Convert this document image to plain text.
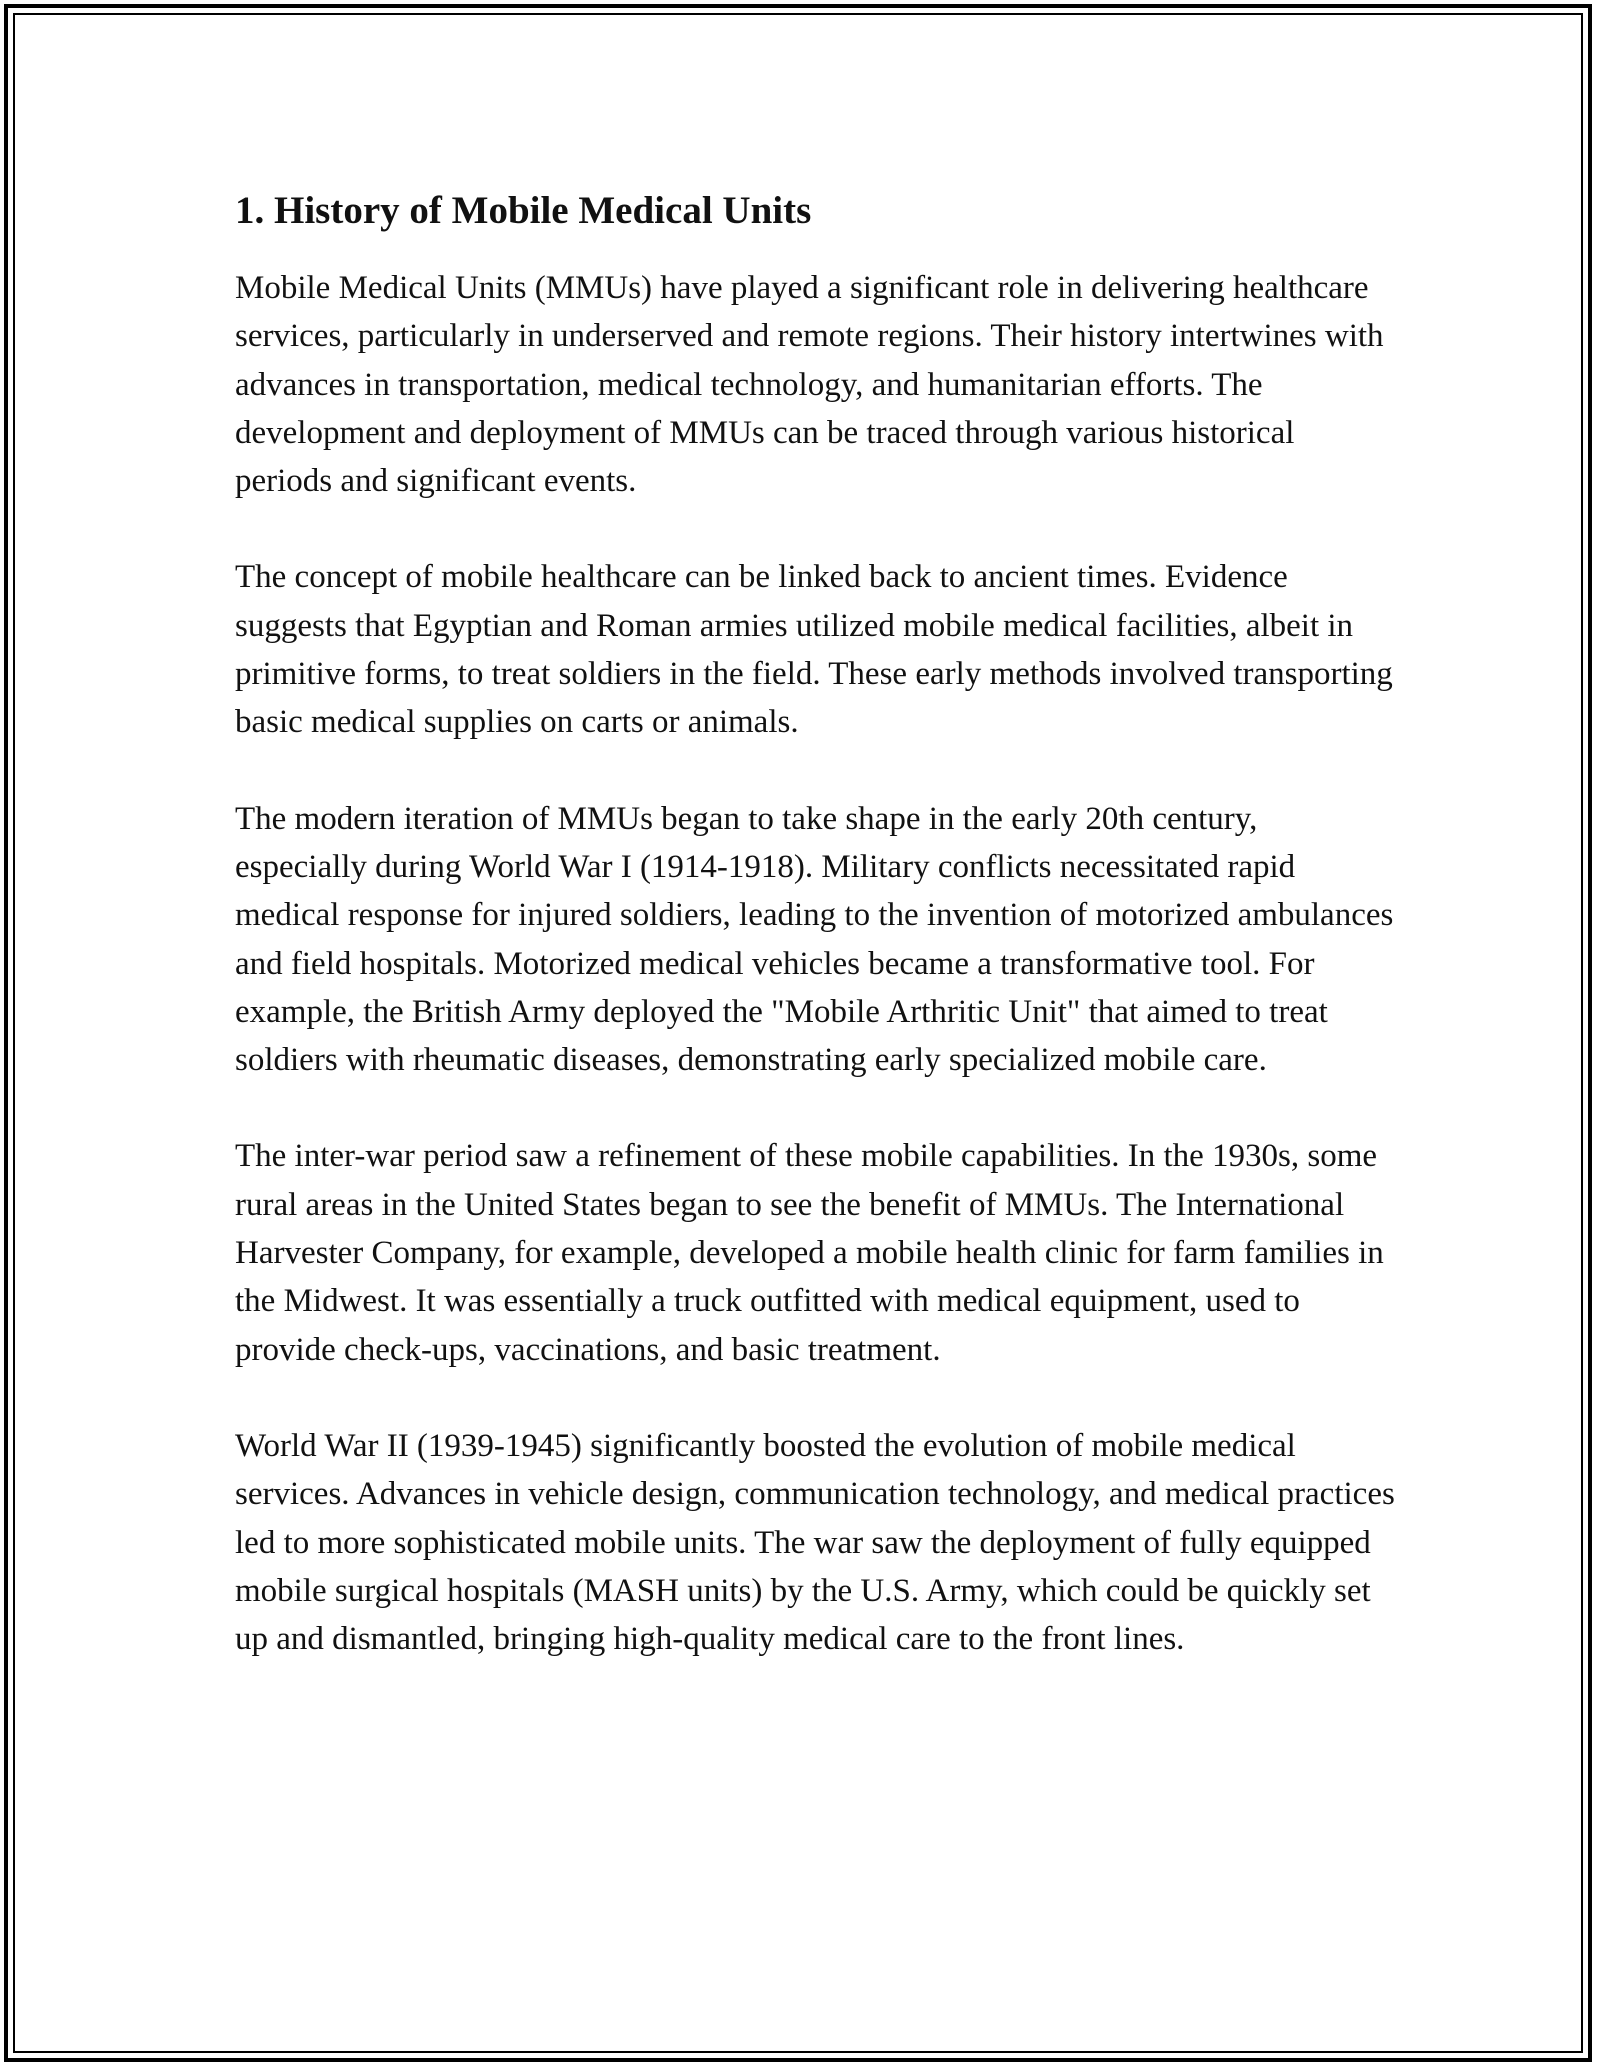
1. History of Mobile Medical Units

Mobile Medical Units (MMUs) have played a significant role in delivering healthcare services, particularly in underserved and remote regions. Their history intertwines with advances in transportation, medical technology, and humanitarian efforts. The development and deployment of MMUs can be traced through various historical periods and significant events.

The concept of mobile healthcare can be linked back to ancient times. Evidence suggests that Egyptian and Roman armies utilized mobile medical facilities, albeit in primitive forms, to treat soldiers in the field. These early methods involved transporting basic medical supplies on carts or animals.

The modern iteration of MMUs began to take shape in the early 20th century, especially during World War I (1914-1918). Military conflicts necessitated rapid medical response for injured soldiers, leading to the invention of motorized ambulances and field hospitals. Motorized medical vehicles became a transformative tool. For example, the British Army deployed the "Mobile Arthritic Unit" that aimed to treat soldiers with rheumatic diseases, demonstrating early specialized mobile care.

The inter-war period saw a refinement of these mobile capabilities. In the 1930s, some rural areas in the United States began to see the benefit of MMUs. The International Harvester Company, for example, developed a mobile health clinic for farm families in the Midwest. It was essentially a truck outfitted with medical equipment, used to provide check-ups, vaccinations, and basic treatment.

World War II (1939-1945) significantly boosted the evolution of mobile medical services. Advances in vehicle design, communication technology, and medical practices led to more sophisticated mobile units. The war saw the deployment of fully equipped mobile surgical hospitals (MASH units) by the U.S. Army, which could be quickly set up and dismantled, bringing high-quality medical care to the front lines.
